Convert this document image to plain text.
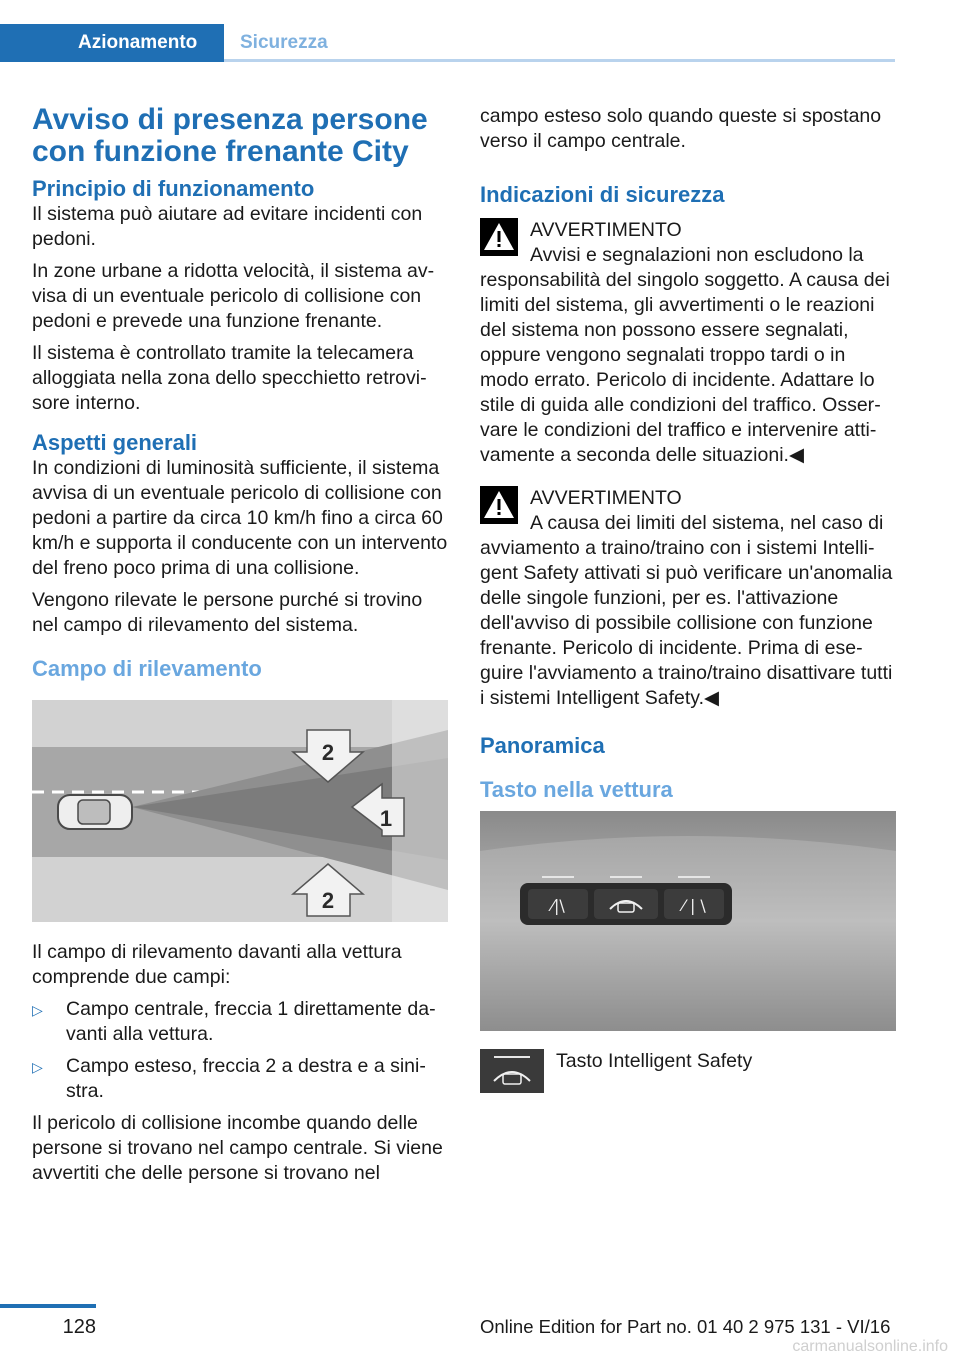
Azionamento	Sicurezza
Avviso di presenza persone con funzione frenante City
Principio di funzionamento
Il sistema può aiutare ad evitare incidenti con pedoni.
In zone urbane a ridotta velocità, il sistema avvisa di un eventuale pericolo di collisione con pedoni e prevede una funzione frenante.
Il sistema è controllato tramite la telecamera alloggiata nella zona dello specchietto retrovisore interno.
Aspetti generali
In condizioni di luminosità sufficiente, il sistema avvisa di un eventuale pericolo di collisione con pedoni a partire da circa 10 km/h fino a circa 60 km/h e supporta il conducente con un intervento del freno poco prima di una collisione.
Vengono rilevate le persone purché si trovino nel campo di rilevamento del sistema.
Campo di rilevamento
2
1
2
Il campo di rilevamento davanti alla vettura comprende due campi:
▷ Campo centrale, freccia 1 direttamente davanti alla vettura.
▷ Campo esteso, freccia 2 a destra e a sinistra.
Il pericolo di collisione incombe quando delle persone si trovano nel campo centrale. Si viene avvertiti che delle persone si trovano nel
campo esteso solo quando queste si spostano verso il campo centrale.
Indicazioni di sicurezza
AVVERTIMENTO
Avvisi e segnalazioni non escludono la
responsabilità del singolo soggetto. A causa dei limiti del sistema, gli avvertimenti o le reazioni del sistema non possono essere segnalati, oppure vengono segnalati troppo tardi o in modo errato. Pericolo di incidente. Adattare lo stile di guida alle condizioni del traffico. Osservare le condizioni del traffico e intervenire attivamente a seconda delle situazioni.◀
AVVERTIMENTO
A causa dei limiti del sistema, nel caso di
avviamento a traino/traino con i sistemi Intelligent Safety attivati si può verificare un'anomalia delle singole funzioni, per es. l'attivazione dell'avviso di possibile collisione con funzione frenante. Pericolo di incidente. Prima di eseguire l'avviamento a traino/traino disattivare tutti i sistemi Intelligent Safety.◀
Panoramica
Tasto nella vettura
⁄|\	⁄ | \
Tasto Intelligent Safety
128	Online Edition for Part no. 01 40 2 975 131 - VI/16
carmanualsonline.info
